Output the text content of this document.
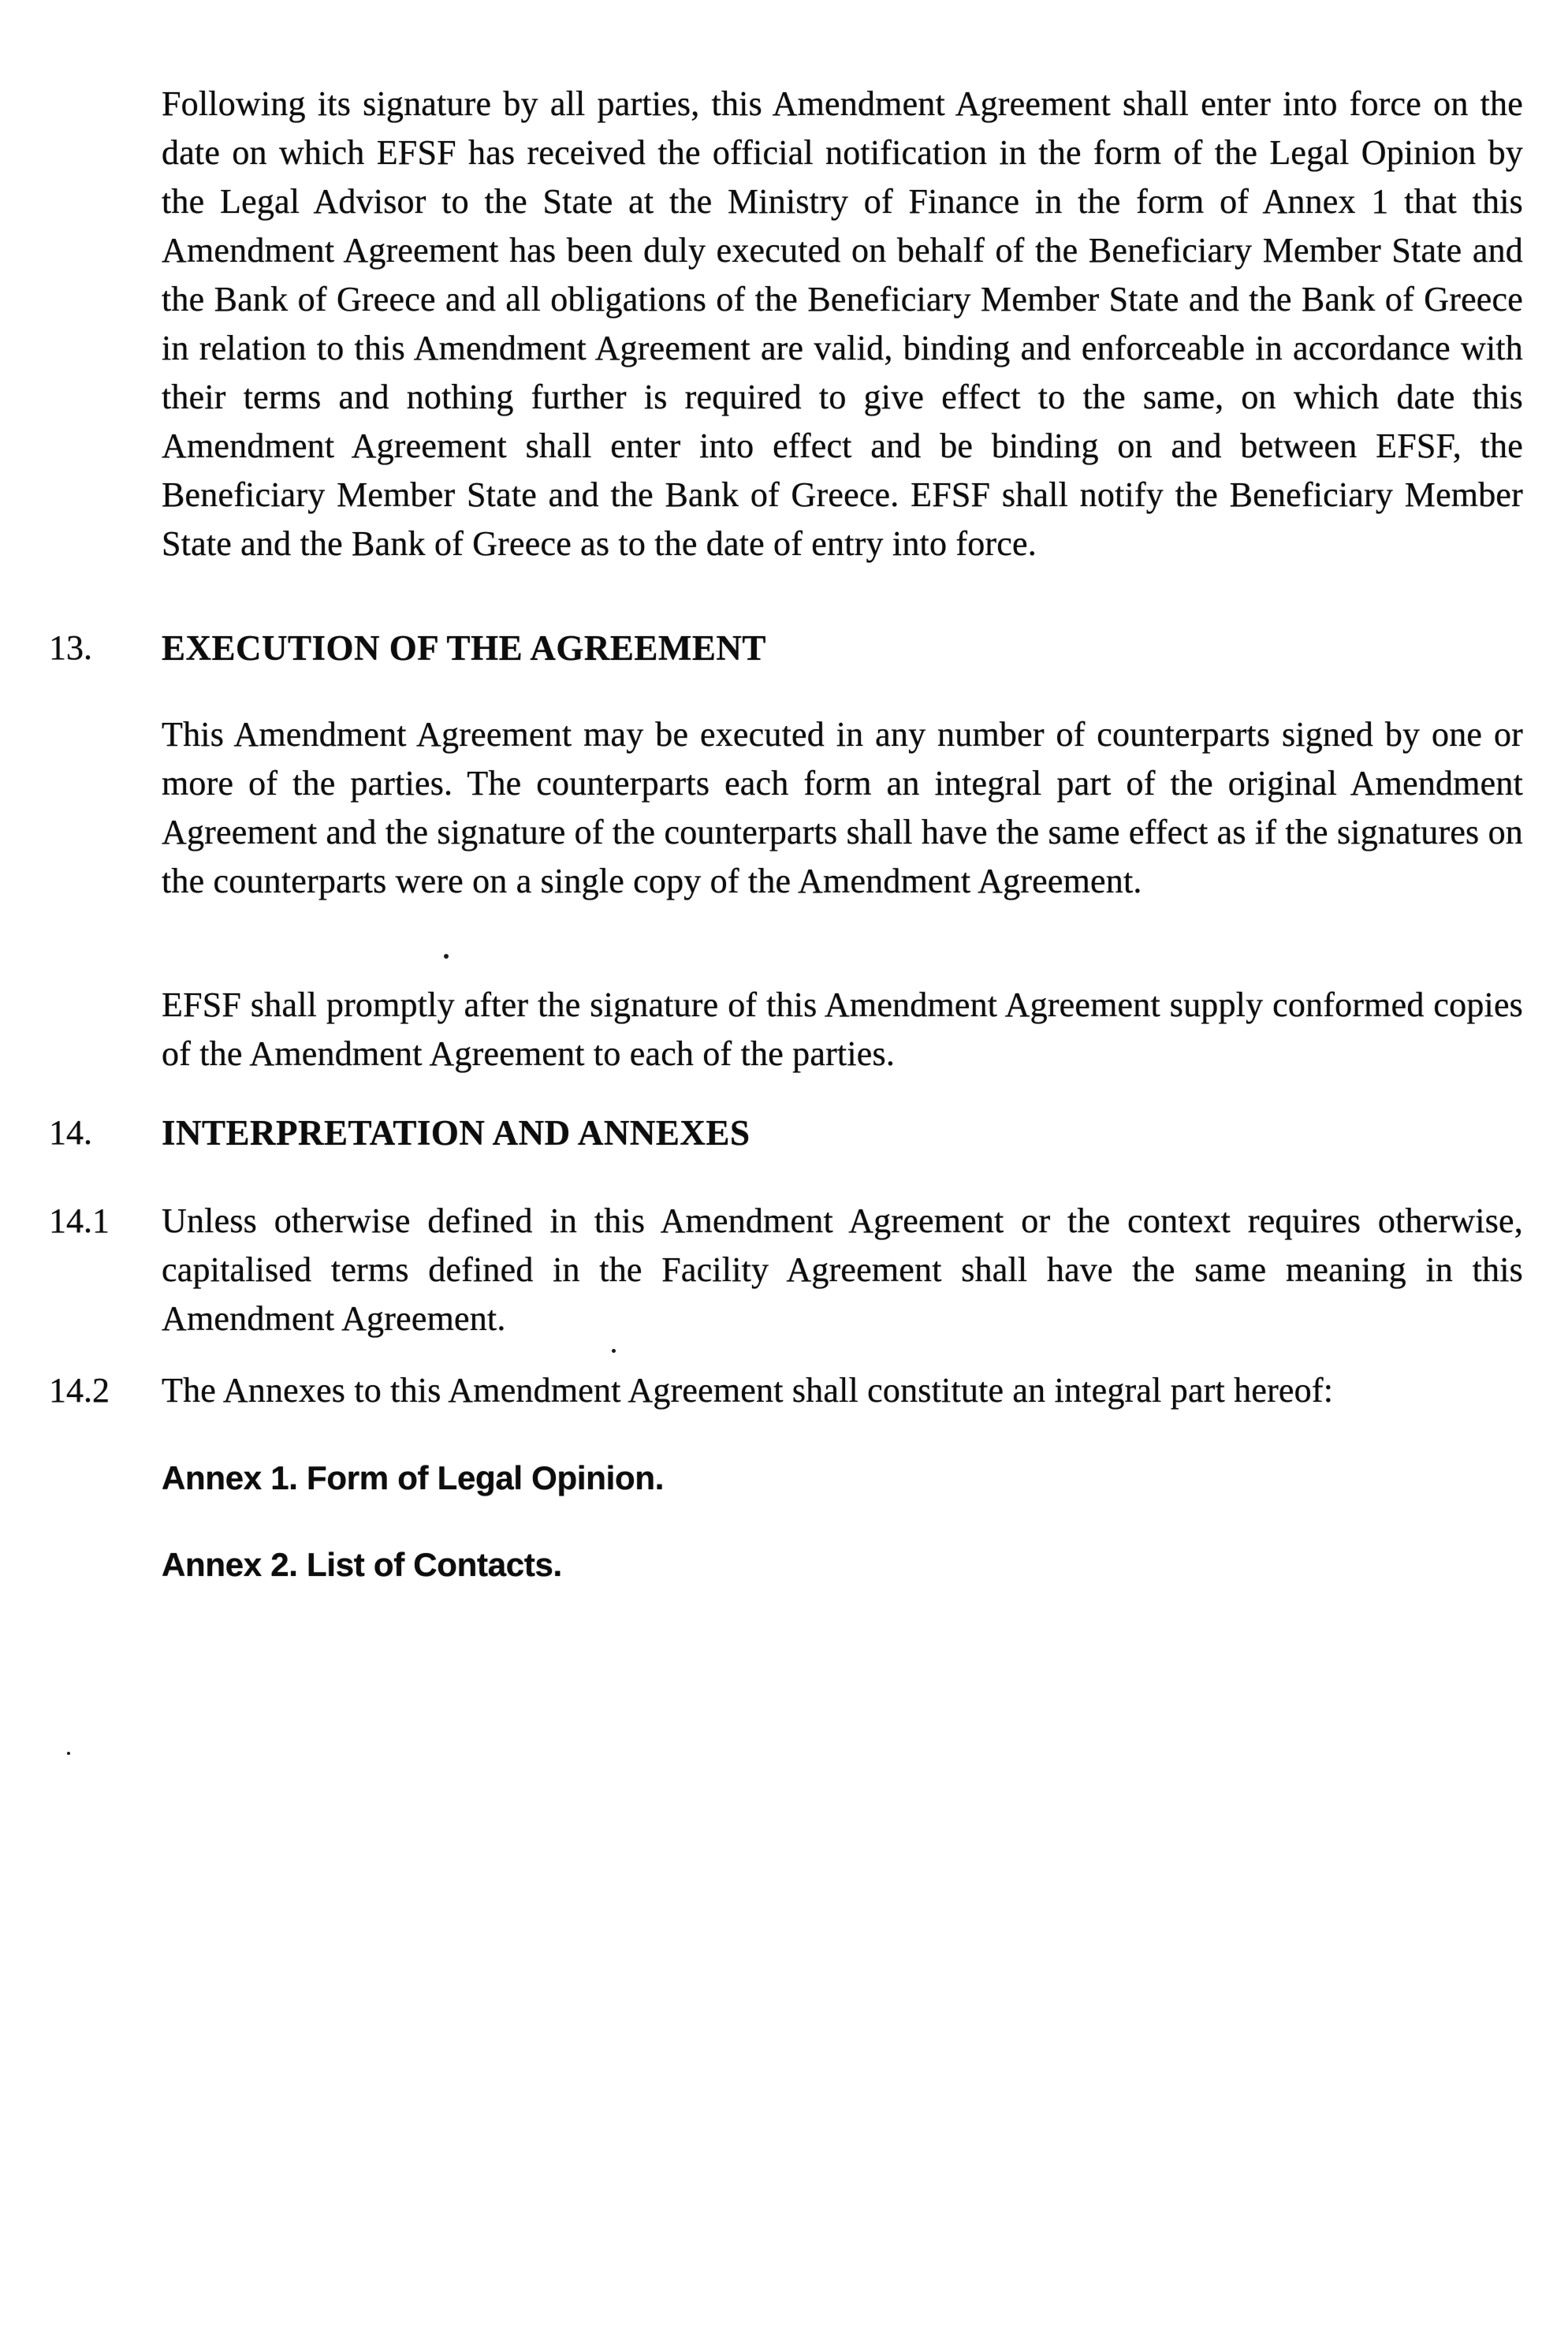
Following its signature by all parties, this Amendment Agreement shall enter into force on the date on which EFSF has received the official notification in the form of the Legal Opinion by the Legal Advisor to the State at the Ministry of Finance in the form of Annex 1 that this Amendment Agreement has been duly executed on behalf of the Beneficiary Member State and the Bank of Greece and all obligations of the Beneficiary Member State and the Bank of Greece in relation to this Amendment Agreement are valid, binding and enforceable in accordance with their terms and nothing further is required to give effect to the same, on which date this Amendment Agreement shall enter into effect and be binding on and between EFSF, the Beneficiary Member State and the Bank of Greece. EFSF shall notify the Beneficiary Member State and the Bank of Greece as to the date of entry into force.

13. EXECUTION OF THE AGREEMENT

This Amendment Agreement may be executed in any number of counterparts signed by one or more of the parties. The counterparts each form an integral part of the original Amendment Agreement and the signature of the counterparts shall have the same effect as if the signatures on the counterparts were on a single copy of the Amendment Agreement.

EFSF shall promptly after the signature of this Amendment Agreement supply conformed copies of the Amendment Agreement to each of the parties.

14. INTERPRETATION AND ANNEXES

14.1 Unless otherwise defined in this Amendment Agreement or the context requires otherwise, capitalised terms defined in the Facility Agreement shall have the same meaning in this Amendment Agreement.

14.2 The Annexes to this Amendment Agreement shall constitute an integral part hereof:

Annex 1. Form of Legal Opinion.

Annex 2. List of Contacts.
